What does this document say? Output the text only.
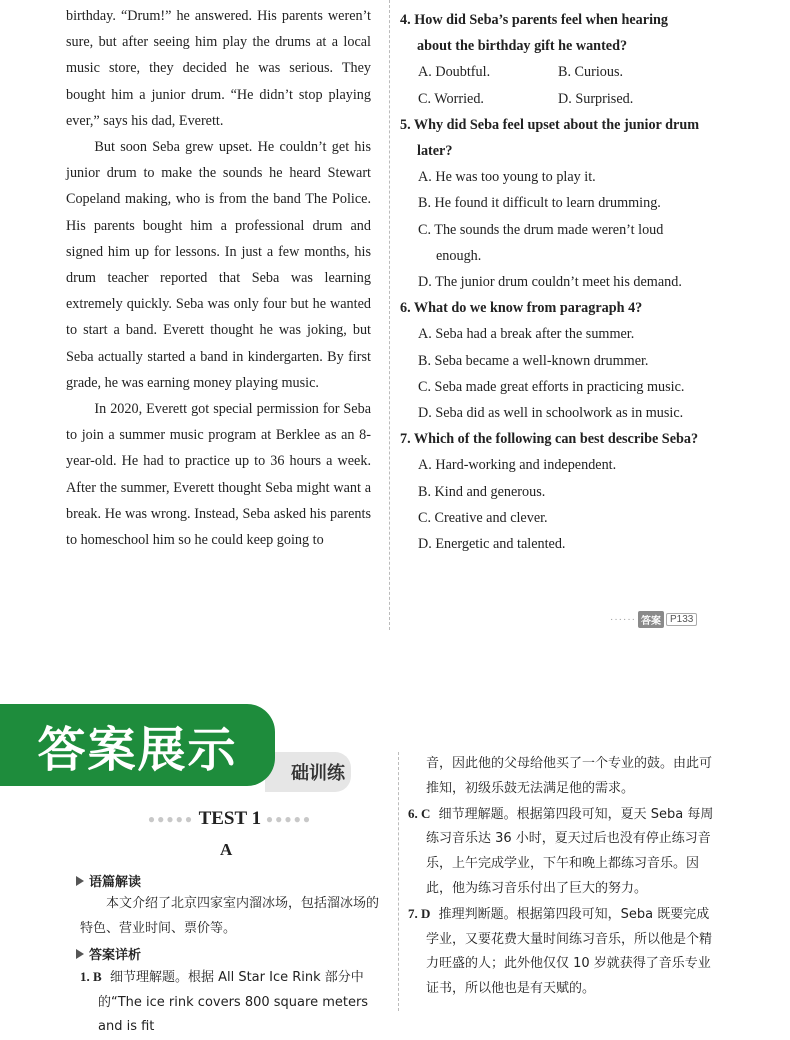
birthday. “Drum!” he answered. His parents weren’t sure, but after seeing him play the drums at a local music store, they decided he was serious. They bought him a junior drum. “He didn’t stop playing ever,” says his dad, Everett.

But soon Seba grew upset. He couldn’t get his junior drum to make the sounds he heard Stewart Copeland making, who is from the band The Police. His parents bought him a professional drum and signed him up for lessons. In just a few months, his drum teacher reported that Seba was learning extremely quickly. Seba was only four but he wanted to start a band. Everett thought he was joking, but Seba actually started a band in kindergarten. By first grade, he was earning money playing music.

In 2020, Everett got special permission for Seba to join a summer music program at Berklee as an 8-year-old. He had to practice up to 36 hours a week. After the summer, Everett thought Seba might want a break. He was wrong. Instead, Seba asked his parents to homeschool him so he could keep going to

4. How did Seba’s parents feel when hearing about the birthday gift he wanted?
A. Doubtful.	B. Curious.
C. Worried.	D. Surprised.
5. Why did Seba feel upset about the junior drum later?
A. He was too young to play it.
B. He found it difficult to learn drumming.
C. The sounds the drum made weren’t loud enough.
D. The junior drum couldn’t meet his demand.
6. What do we know from paragraph 4?
A. Seba had a break after the summer.
B. Seba became a well-known drummer.
C. Seba made great efforts in practicing music.
D. Seba did as well in schoolwork as in music.
7. Which of the following can best describe Seba?
A. Hard-working and independent.
B. Kind and generous.
C. Creative and clever.
D. Energetic and talented.
······ 答案 P133
础训练
答案展示
●●●●● TEST 1 ●●●●●
A
语篇解读

本文介绍了北京四家室内溜冰场，包括溜冰场的特色、营业时间、票价等。

1. B 细节理解题。根据 All Star Ice Rink 部分中的“The ice rink covers 800 square meters and is fit

答案详析

音，因此他的父母给他买了一个专业的鼓。由此可推知，初级乐鼓无法满足他的需求。

6. C 细节理解题。根据第四段可知，夏天 Seba 每周练习音乐达 36 小时，夏天过后也没有停止练习音乐，上午完成学业，下午和晚上都练习音乐。因此，他为练习音乐付出了巨大的努力。

7. D 推理判断题。根据第四段可知，Seba 既要完成学业，又要花费大量时间练习音乐，所以他是个精力旺盛的人；此外他仅仅 10 岁就获得了音乐专业证书，所以他也是有天赋的。
